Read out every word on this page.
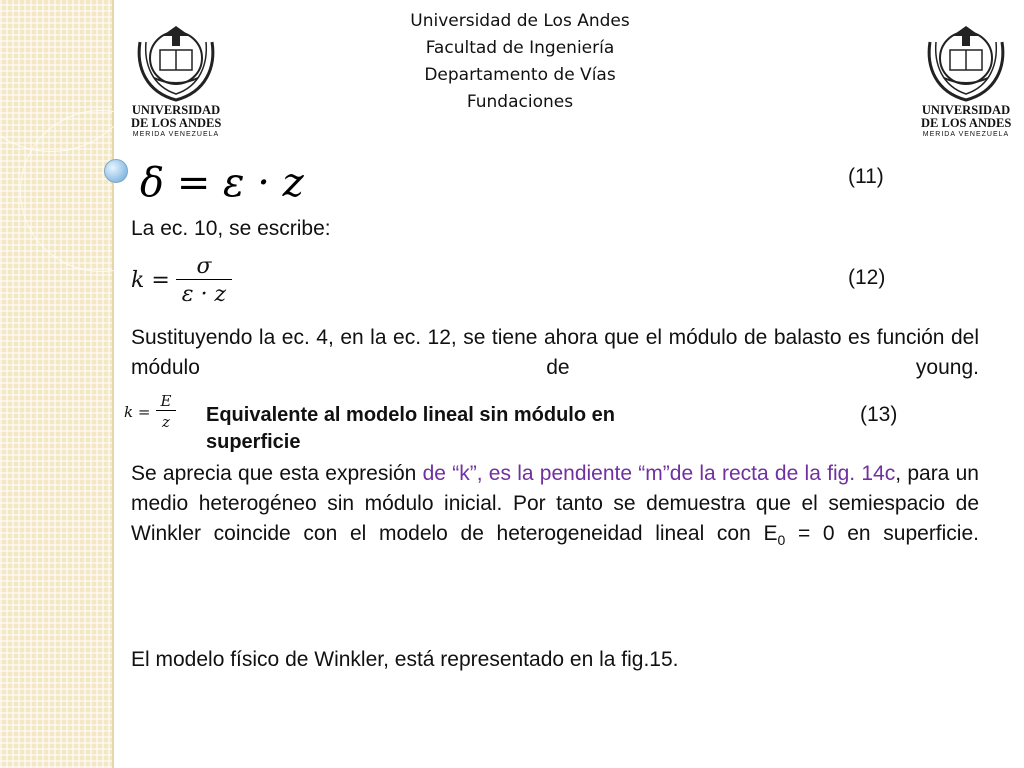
UNIVERSIDAD
DE LOS ANDES
MERIDA VENEZUELA
UNIVERSIDAD
DE LOS ANDES
MERIDA VENEZUELA
Universidad de Los Andes
Facultad de Ingeniería
Departamento de Vías
Fundaciones
δ = ε · z	(11)
La ec. 10, se escribe:
$k = \frac{\sigma}{\varepsilon \cdot z}$	(12)
Sustituyendo la ec. 4, en la ec. 12, se tiene ahora que el módulo de balasto es función del módulo de young.
$k = \frac{E}{z}$ Equivalente al modelo lineal sin módulo en
superficie
(13)
Se aprecia que esta expresión de “k”, es la pendiente “m”de la recta de la fig. 14c, para un medio heterogéneo sin módulo inicial. Por tanto se demuestra que el semiespacio de Winkler coincide con el modelo de heterogeneidad lineal con $E_0 = 0$ en superficie.
El modelo físico de Winkler, está representado en la fig.15.
